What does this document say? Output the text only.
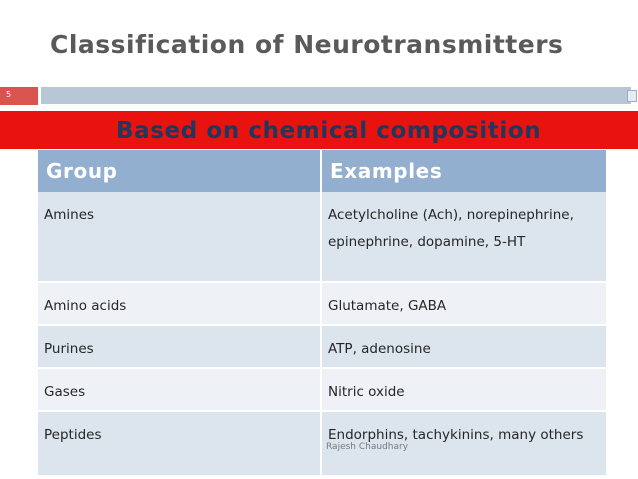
Classification of Neurotransmitters
5
Based on chemical composition
Group	Examples
Amines	Acetylcholine (Ach), norepinephrine, epinephrine, dopamine, 5-HT
Amino acids	Glutamate, GABA
Purines	ATP, adenosine
Gases	Nitric oxide
Peptides	Endorphins, tachykinins, many others
Rajesh Chaudhary
